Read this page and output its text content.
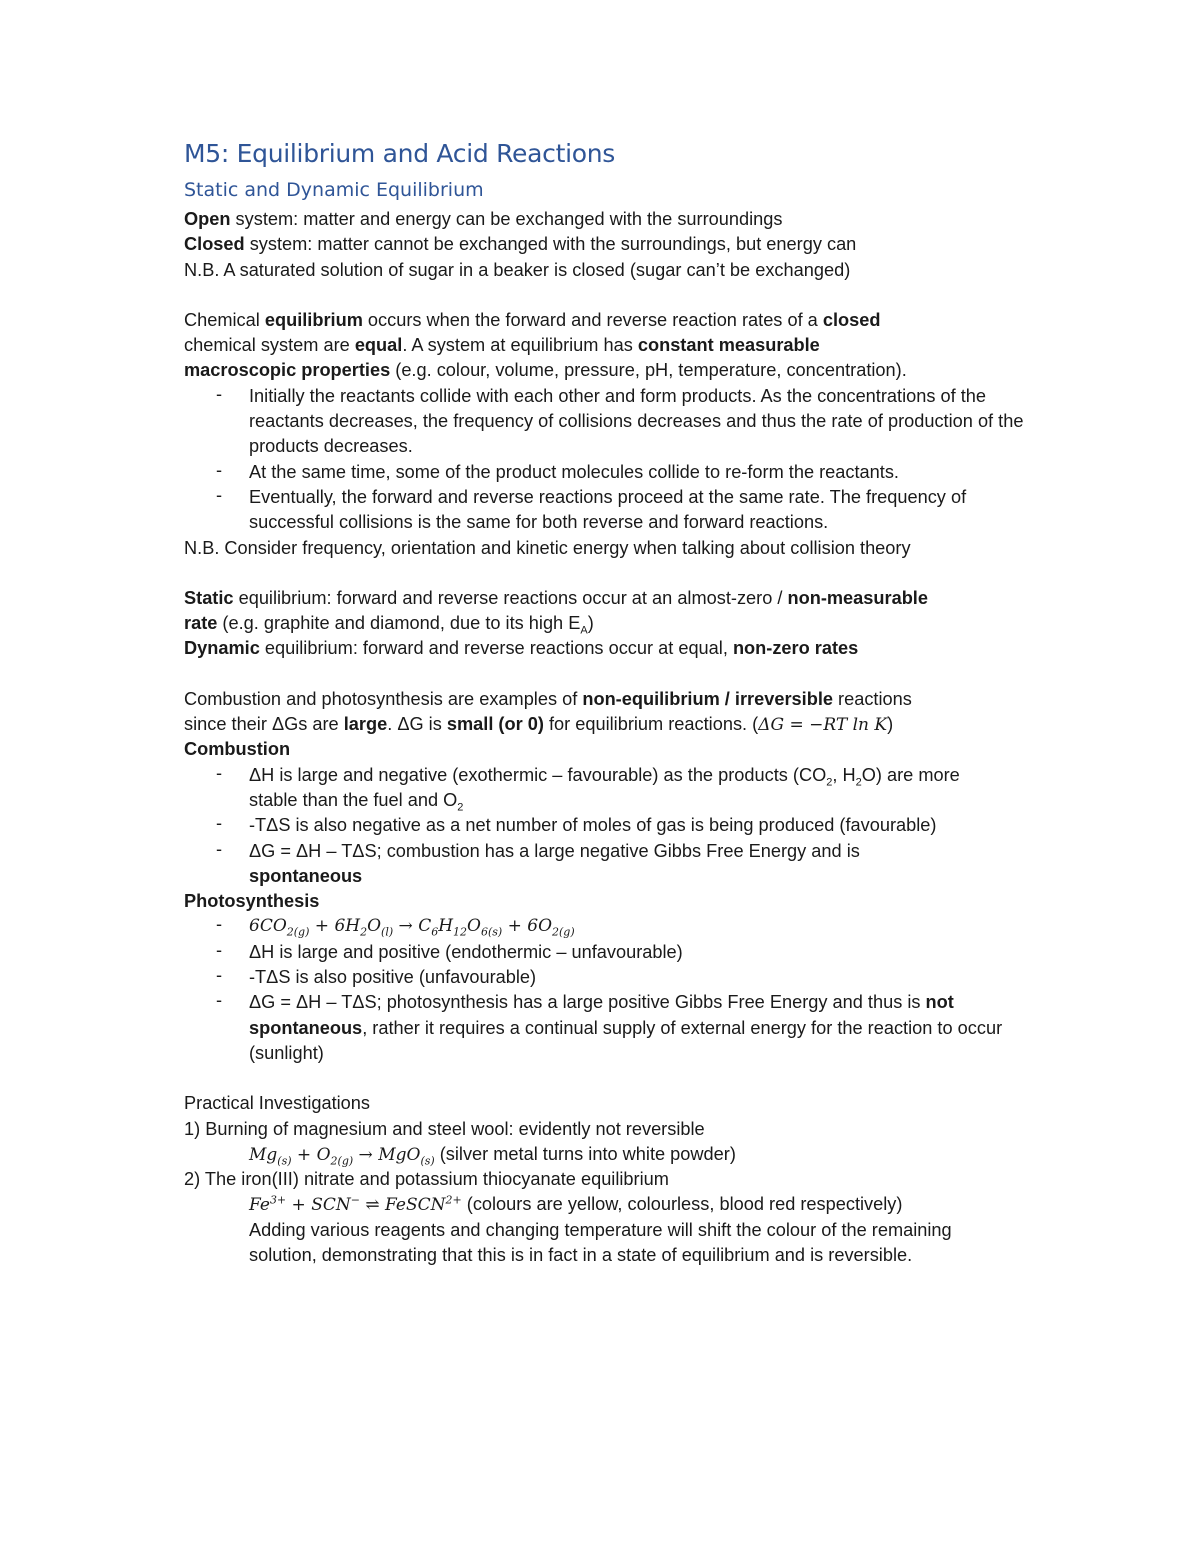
M5: Equilibrium and Acid Reactions
Static and Dynamic Equilibrium
Open system: matter and energy can be exchanged with the surroundings
Closed system: matter cannot be exchanged with the surroundings, but energy can
N.B. A saturated solution of sugar in a beaker is closed (sugar can’t be exchanged)
Chemical equilibrium occurs when the forward and reverse reaction rates of a closed
chemical system are equal. A system at equilibrium has constant measurable
macroscopic properties (e.g. colour, volume, pressure, pH, temperature, concentration).
- Initially the reactants collide with each other and form products. As the concentrations of the reactants decreases, the frequency of collisions decreases and thus the rate of production of the products decreases.
- At the same time, some of the product molecules collide to re-form the reactants.
- Eventually, the forward and reverse reactions proceed at the same rate. The frequency of successful collisions is the same for both reverse and forward reactions.
N.B. Consider frequency, orientation and kinetic energy when talking about collision theory
Static equilibrium: forward and reverse reactions occur at an almost-zero / non-measurable
rate (e.g. graphite and diamond, due to its high $E_A$)
Dynamic equilibrium: forward and reverse reactions occur at equal, non-zero rates
Combustion and photosynthesis are examples of non-equilibrium / irreversible reactions
since their ΔGs are large. ΔG is small (or 0) for equilibrium reactions. (ΔG = −RT ln K)
Combustion
- ΔH is large and negative (exothermic – favourable) as the products ($CO_2$, $H_2O$) are more stable than the fuel and $O_2$
- -TΔS is also negative as a net number of moles of gas is being produced (favourable)
- ΔG = ΔH – TΔS; combustion has a large negative Gibbs Free Energy and is spontaneous
Photosynthesis
- $6CO_{2(g)} + 6H_2O_{(l)} \to C_6H_{12}O_{6(s)} + 6O_{2(g)}$
- ΔH is large and positive (endothermic – unfavourable)
- -TΔS is also positive (unfavourable)
- ΔG = ΔH – TΔS; photosynthesis has a large positive Gibbs Free Energy and thus is not spontaneous, rather it requires a continual supply of external energy for the reaction to occur (sunlight)
Practical Investigations
1) Burning of magnesium and steel wool: evidently not reversible
$Mg_{(s)} + O_{2(g)} \to MgO_{(s)}$ (silver metal turns into white powder)
2) The iron(III) nitrate and potassium thiocyanate equilibrium
$Fe^{3+} + SCN^-$ ⇌ FeSCN$^{2+}$ (colours are yellow, colourless, blood red respectively)
Adding various reagents and changing temperature will shift the colour of the remaining solution, demonstrating that this is in fact in a state of equilibrium and is reversible.
